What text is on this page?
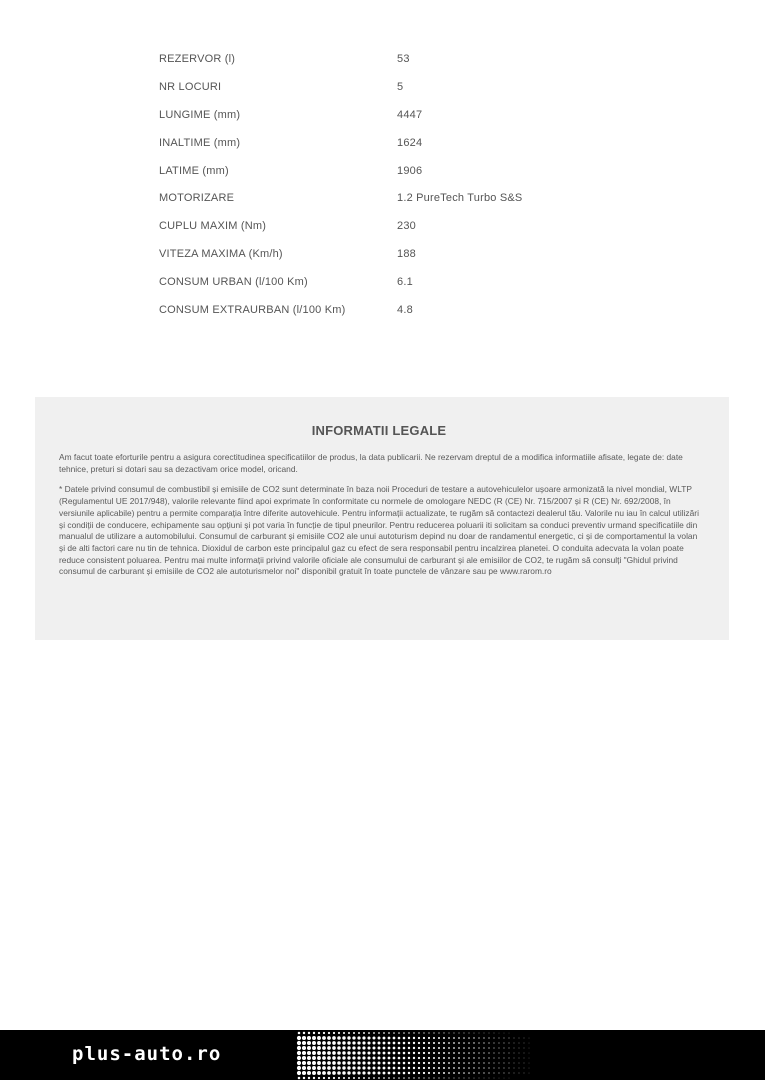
REZERVOR (l)	53
NR LOCURI	5
LUNGIME (mm)	4447
INALTIME (mm)	1624
LATIME (mm)	1906
MOTORIZARE	1.2 PureTech Turbo S&S
CUPLU MAXIM (Nm)	230
VITEZA MAXIMA (Km/h)	188
CONSUM URBAN (l/100 Km)	6.1
CONSUM EXTRAURBAN (l/100 Km)	4.8
INFORMATII LEGALE

Am facut toate eforturile pentru a asigura corectitudinea specificatiilor de produs, la data publicarii. Ne rezervam dreptul de a modifica informatiile afisate, legate de: date tehnice, preturi si dotari sau sa dezactivam orice model, oricand.

* Datele privind consumul de combustibil și emisiile de CO2 sunt determinate în baza noii Proceduri de testare a autovehiculelor ușoare armonizată la nivel mondial, WLTP (Regulamentul UE 2017/948), valorile relevante fiind apoi exprimate în conformitate cu normele de omologare NEDC (R (CE) Nr. 715/2007 și R (CE) Nr. 692/2008, în versiunile aplicabile) pentru a permite comparația între diferite autovehicule. Pentru informații actualizate, te rugăm să contactezi dealerul tău. Valorile nu iau în calcul utilizări și condiții de conducere, echipamente sau opțiuni și pot varia în funcție de tipul pneurilor. Pentru reducerea poluarii iti solicitam sa conduci preventiv urmand specificatiile din manualul de utilizare a automobilului. Consumul de carburant și emisiile CO2 ale unui autoturism depind nu doar de randamentul energetic, ci și de comportamentul la volan și de alti factori care nu tin de tehnica. Dioxidul de carbon este principalul gaz cu efect de sera responsabil pentru incalzirea planetei. O conduita adecvata la volan poate reduce consistent poluarea. Pentru mai multe informații privind valorile oficiale ale consumului de carburant și ale emisiilor de CO2, te rugăm să consulți "Ghidul privind consumul de carburant și emisiile de CO2 ale autoturismelor noi" disponibil gratuit în toate punctele de vânzare sau pe www.rarom.ro

plus-auto.ro
